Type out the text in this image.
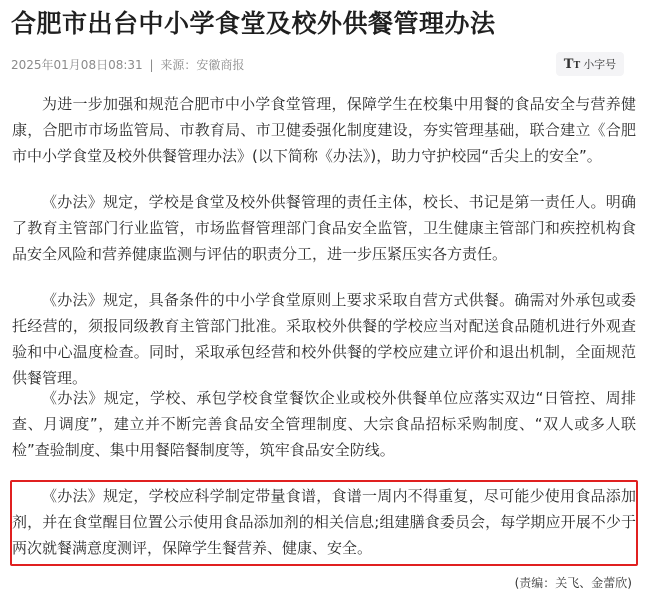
合肥市出台中小学食堂及校外供餐管理办法
2025年01月08日08:31 | 来源：安徽商报	TT 小字号

为进一步加强和规范合肥市中小学食堂管理，保障学生在校集中用餐的食品安全与营养健康，合肥市市场监管局、市教育局、市卫健委强化制度建设，夯实管理基础，联合建立《合肥市中小学食堂及校外供餐管理办法》(以下简称《办法》)，助力守护校园“舌尖上的安全”。

《办法》规定，学校是食堂及校外供餐管理的责任主体，校长、书记是第一责任人。明确了教育主管部门行业监管，市场监督管理部门食品安全监管，卫生健康主管部门和疾控机构食品安全风险和营养健康监测与评估的职责分工，进一步压紧压实各方责任。

《办法》规定，具备条件的中小学食堂原则上要求采取自营方式供餐。确需对外承包或委托经营的，须报同级教育主管部门批准。采取校外供餐的学校应当对配送食品随机进行外观查验和中心温度检查。同时，采取承包经营和校外供餐的学校应建立评价和退出机制，全面规范供餐管理。

《办法》规定，学校、承包学校食堂餐饮企业或校外供餐单位应落实双边“日管控、周排查、月调度”，建立并不断完善食品安全管理制度、大宗食品招标采购制度、“双人或多人联检”查验制度、集中用餐陪餐制度等，筑牢食品安全防线。

《办法》规定，学校应科学制定带量食谱，食谱一周内不得重复，尽可能少使用食品添加剂，并在食堂醒目位置公示使用食品添加剂的相关信息;组建膳食委员会，每学期应开展不少于两次就餐满意度测评，保障学生餐营养、健康、安全。

(责编：关飞、金蕾欣)
